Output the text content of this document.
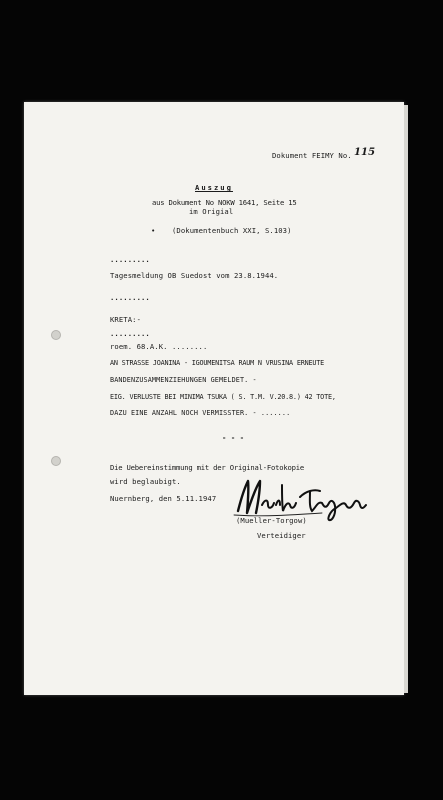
Dokument FEIMY No. 115
Auszug
aus Dokument No NOKW 1641, Seite 15
im Origial
• (Dokumentenbuch XXI, S.103)
.........
Tagesmeldung OB Suedost vom 23.8.1944.
.........
KRETA:-
.........
roem. 68.A.K. ........
AN STRASSE JOANINA - IGOUMENITSA RAUM N VRUSINA ERNEUTE
BANDENZUSAMMENZIEHUNGEN GEMELDET. -
EIG. VERLUSTE BEI MINIMA TSUKA ( S. T.M. V.20.8.) 42 TOTE,
DAZU EINE ANZAHL NOCH VERMISSTER. - .......
- - -
Die Uebereinstimmung mit der Original-Fotokopie
wird beglaubigt.
Nuernberg, den 5.11.1947
(Mueller-Torgow)
Verteidiger
